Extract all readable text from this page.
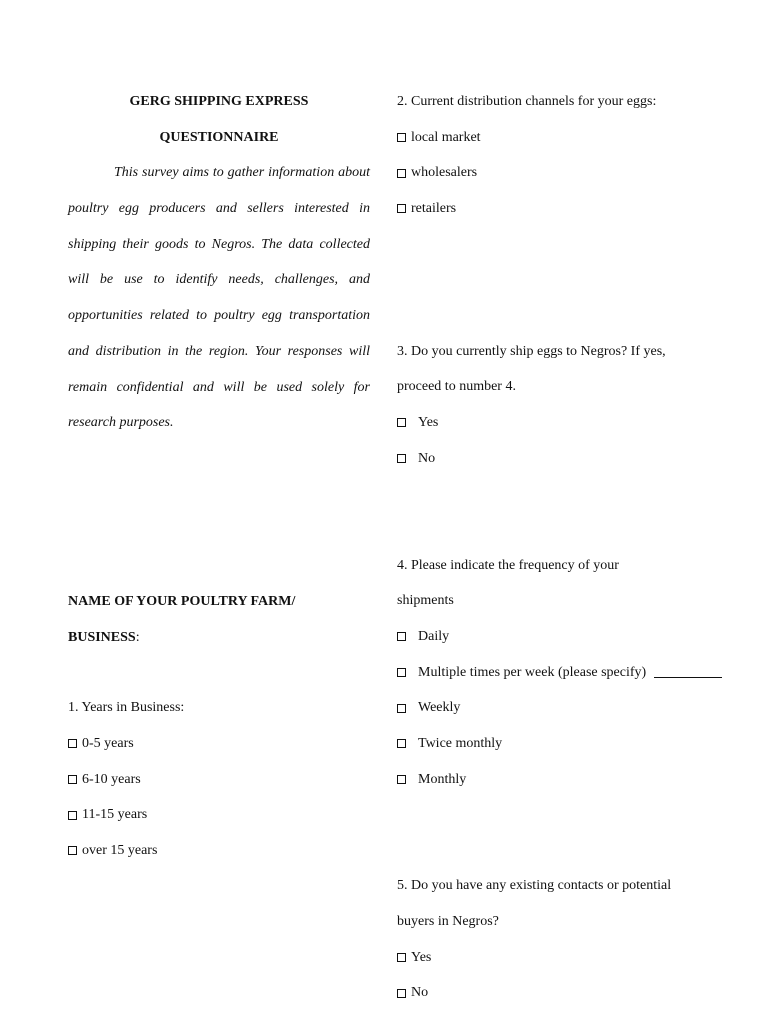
GERG SHIPPING EXPRESS
QUESTIONNAIRE

This survey aims to gather information about poultry egg producers and sellers interested in shipping their goods to Negros. The data collected will be use to identify needs, challenges, and opportunities related to poultry egg transportation and distribution in the region. Your responses will remain confidential and will be used solely for research purposes.

NAME OF YOUR POULTRY FARM/
BUSINESS:
1. Years in Business:
0-5 years
6-10 years
11-15 years
over 15 years
2. Current distribution channels for your eggs:
local market
wholesalers
retailers
3. Do you currently ship eggs to Negros? If yes,
proceed to number 4.
Yes
No
4. Please indicate the frequency of your
shipments
Daily
Multiple times per week (please specify)
Weekly
Twice monthly
Monthly
5. Do you have any existing contacts or potential
buyers in Negros?
Yes
No
